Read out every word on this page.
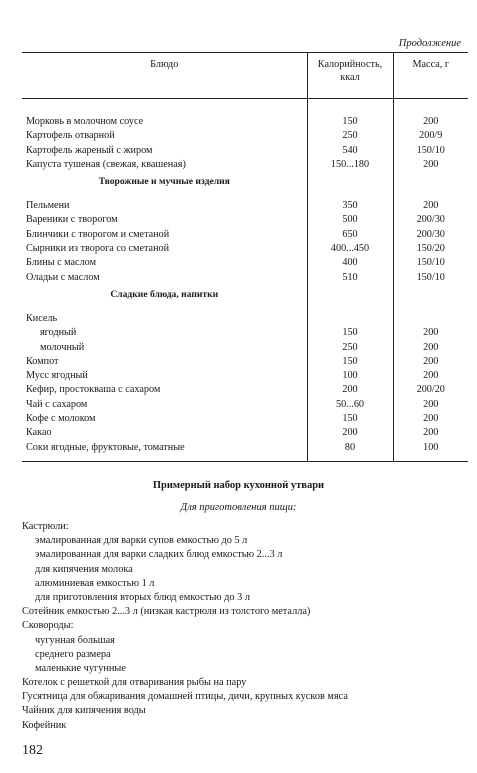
Продолжение
Блюдо	Калорийность, ккал	Масса, г

Морковь в молочном соусе	150	200
Картофель отварной	250	200/9
Картофель жареный с жиром	540	150/10
Капуста тушеная (свежая, квашеная)	150...180	200
Творожные и мучные изделия		

Пельмени	350	200
Вареники с творогом	500	200/30
Блинчики с творогом и сметаной	650	200/30
Сырники из творога со сметаной	400...450	150/20
Блины с маслом	400	150/10
Оладьи с маслом	510	150/10
Сладкие блюда, напитки		

Кисель		
ягодный	150	200
молочный	250	200
Компот	150	200
Мусс ягодный	100	200
Кефир, простокваша с сахаром	200	200/20
Чай с сахаром	50...60	200
Кофе с молоком	150	200
Какао	200	200
Соки ягодные, фруктовые, томатные	80	100
Примерный набор кухонной утвари
Для приготовления пищи:
Кастрюли:
эмалированная для варки супов емкостью до 5 л
эмалированная для варки сладких блюд емкостью 2...3 л
для кипячения молока
алюминиевая емкостью 1 л
для приготовления вторых блюд емкостью до 3 л
Сотейник емкостью 2...3 л (низкая кастрюля из толстого металла)
Сковороды:
чугунная большая
среднего размера
маленькие чугунные
Котелок с решеткой для отваривания рыбы на пару
Гусятница для обжаривания домашней птицы, дичи, крупных кусков мяса
Чайник для кипячения воды
Кофейник
182
